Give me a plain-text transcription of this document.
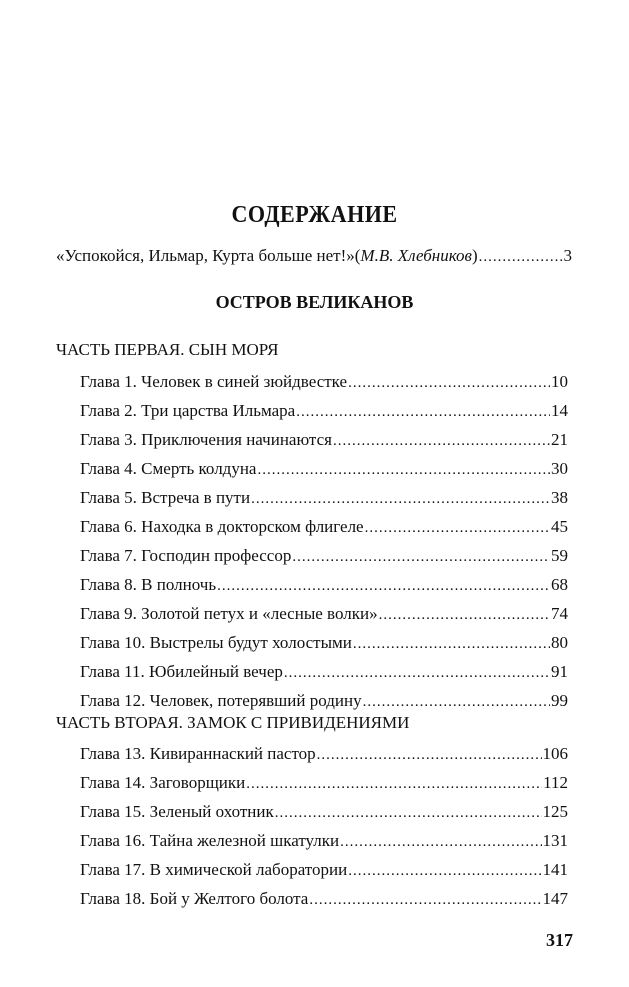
СОДЕРЖАНИЕ
«Успокойся, Ильмар, Курта больше нет!» ( М.В. Хлебников ) .....	3
ОСТРОВ ВЕЛИКАНОВ
ЧАСТЬ ПЕРВАЯ. СЫН МОРЯ
Глава 1. Человек в синей зюйдвестке .....	10
Глава 2. Три царства Ильмара .....	14
Глава 3. Приключения начинаются .....	21
Глава 4. Смерть колдуна .....	30
Глава 5. Встреча в пути .....	38
Глава 6. Находка в докторском флигеле .....	45
Глава 7. Господин профессор .....	59
Глава 8. В полночь .....	68
Глава 9. Золотой петух и «лесные волки» .....	74
Глава 10. Выстрелы будут холостыми .....	80
Глава 11. Юбилейный вечер .....	91
Глава 12. Человек, потерявший родину .....	99
ЧАСТЬ ВТОРАЯ. ЗАМОК С ПРИВИДЕНИЯМИ
Глава 13. Кивираннаский пастор .....	106
Глава 14. Заговорщики .....	112
Глава 15. Зеленый охотник .....	125
Глава 16. Тайна железной шкатулки .....	131
Глава 17. В химической лаборатории .....	141
Глава 18. Бой у Желтого болота .....	147
317
